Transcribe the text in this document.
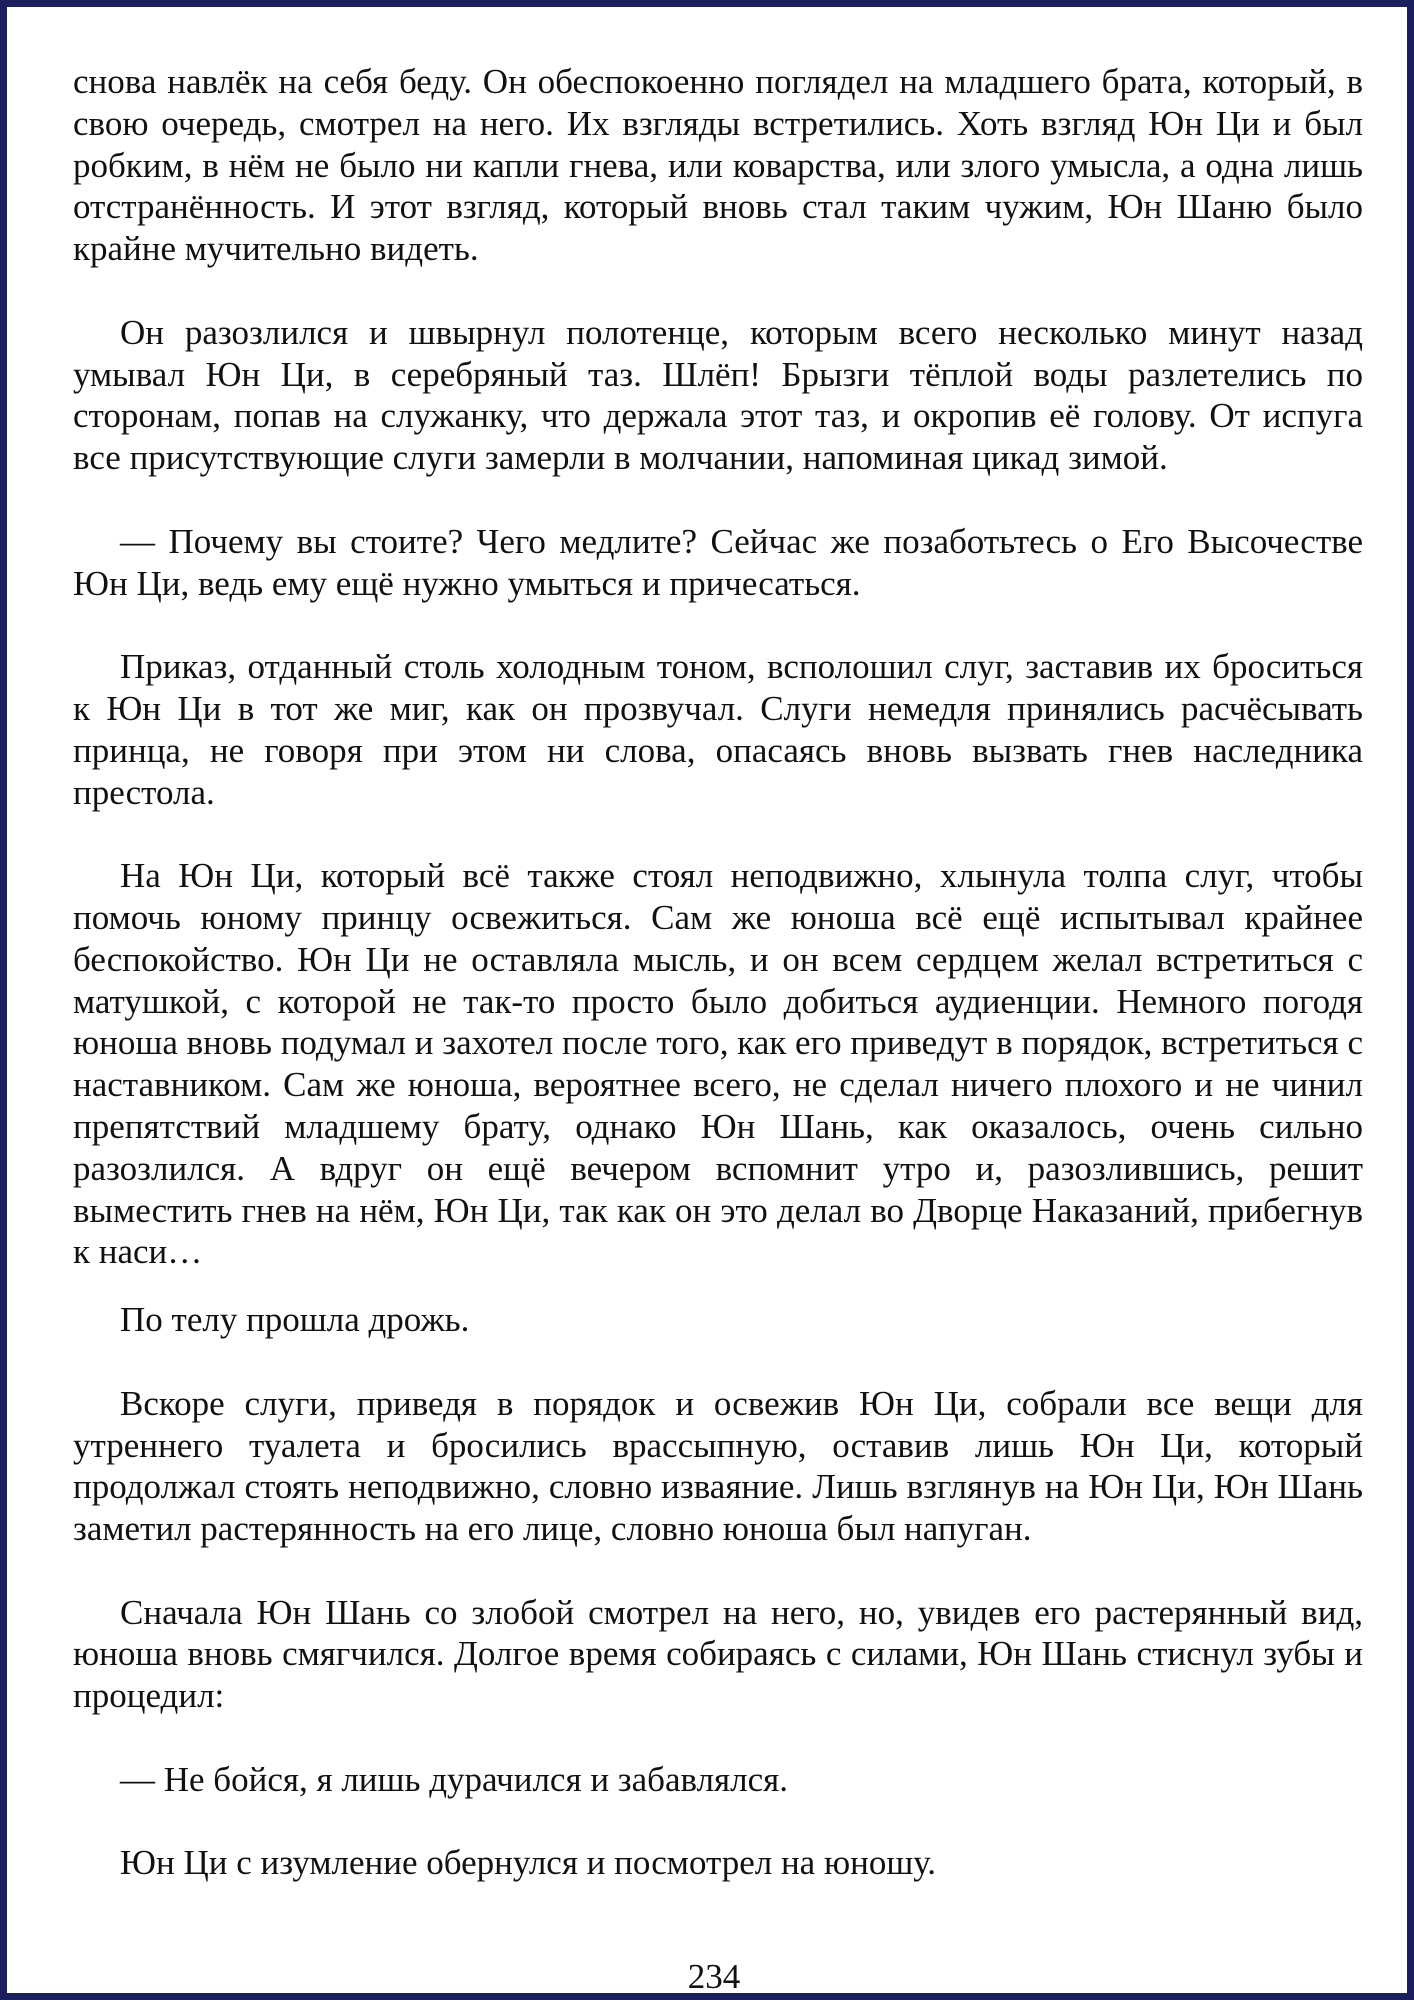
снова навлёк на себя беду. Он обеспокоенно поглядел на младшего брата, который, в свою очередь, смотрел на него. Их взгляды встретились. Хоть взгляд Юн Ци и был робким, в нём не было ни капли гнева, или коварства, или злого умысла, а одна лишь отстранённость. И этот взгляд, который вновь стал таким чужим, Юн Шаню было крайне мучительно видеть.

Он разозлился и швырнул полотенце, которым всего несколько минут назад умывал Юн Ци, в серебряный таз. Шлёп! Брызги тёплой воды разлетелись по сторонам, попав на служанку, что держала этот таз, и окропив её голову. От испуга все присутствующие слуги замерли в молчании, напоминая цикад зимой.

— Почему вы стоите? Чего медлите? Сейчас же позаботьтесь о Его Высочестве Юн Ци, ведь ему ещё нужно умыться и причесаться.

Приказ, отданный столь холодным тоном, всполошил слуг, заставив их броситься к Юн Ци в тот же миг, как он прозвучал. Слуги немедля принялись расчёсывать принца, не говоря при этом ни слова, опасаясь вновь вызвать гнев наследника престола.

На Юн Ци, который всё также стоял неподвижно, хлынула толпа слуг, чтобы помочь юному принцу освежиться. Сам же юноша всё ещё испытывал крайнее беспокойство. Юн Ци не оставляла мысль, и он всем сердцем желал встретиться с матушкой, с которой не так-то просто было добиться аудиенции. Немного погодя юноша вновь подумал и захотел после того, как его приведут в порядок, встретиться с наставником. Сам же юноша, вероятнее всего, не сделал ничего плохого и не чинил препятствий младшему брату, однако Юн Шань, как оказалось, очень сильно разозлился. А вдруг он ещё вечером вспомнит утро и, разозлившись, решит выместить гнев на нём, Юн Ци, так как он это делал во Дворце Наказаний, прибегнув к наси…

По телу прошла дрожь.

Вскоре слуги, приведя в порядок и освежив Юн Ци, собрали все вещи для утреннего туалета и бросились врассыпную, оставив лишь Юн Ци, который продолжал стоять неподвижно, словно изваяние. Лишь взглянув на Юн Ци, Юн Шань заметил растерянность на его лице, словно юноша был напуган.

Сначала Юн Шань со злобой смотрел на него, но, увидев его растерянный вид, юноша вновь смягчился. Долгое время собираясь с силами, Юн Шань стиснул зубы и процедил:

— Не бойся, я лишь дурачился и забавлялся.

Юн Ци с изумление обернулся и посмотрел на юношу.

234
